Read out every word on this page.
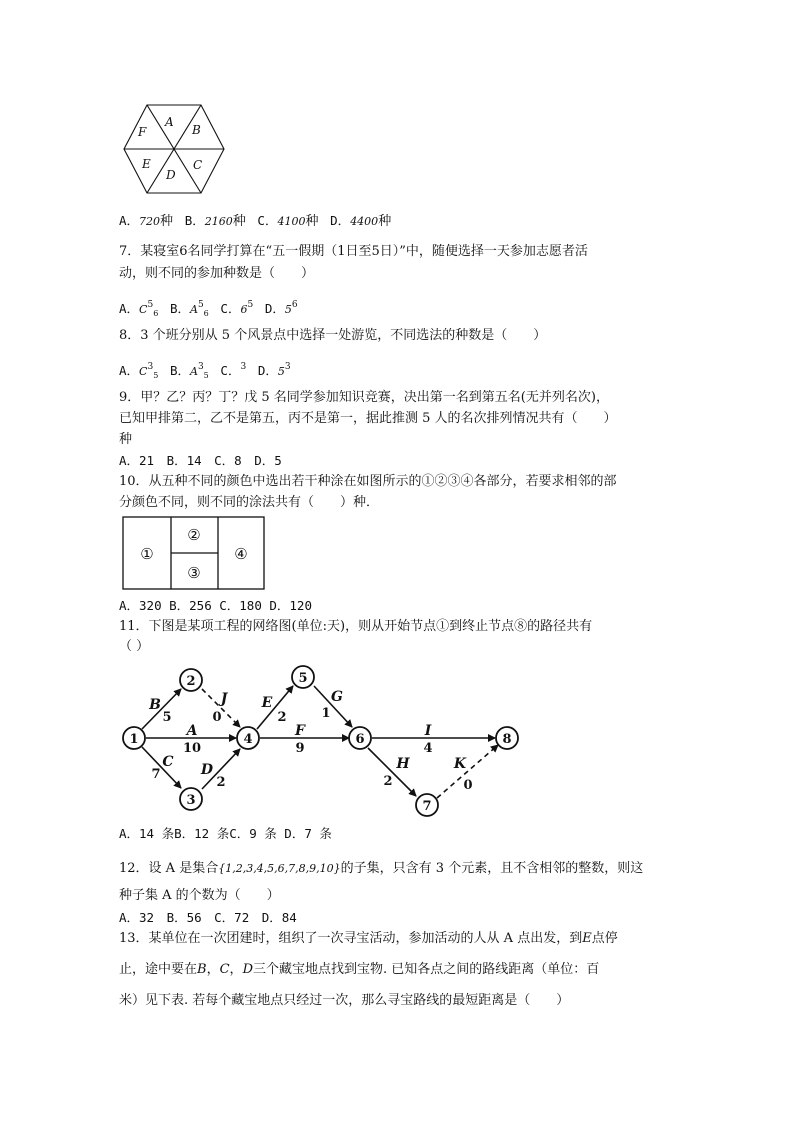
F
A
B
E
D
C
A．720种  B．2160种  C．4100种  D．4400种
7．某寝室6名同学打算在“五一假期（1日至5日）”中，随便选择一天参加志愿者活
动，则不同的参加种数是（　　）
A．$C^5_6$  B．$A^5_6$  C．$6^5$  D．$5^6$
8．3 个班分别从 5 个风景点中选择一处游览，不同选法的种数是（　　）
A．$C^3_5$  B．$A^3_5$  C．$^3$  D．$5^3$
9．甲？乙？丙？丁？戊 5 名同学参加知识竞赛，决出第一名到第五名(无并列名次)，
已知甲排第二，乙不是第五，丙不是第一，据此推测 5 人的名次排列情况共有（　　）
种
A．21　B．14　C．8　D．5
10．从五种不同的颜色中选出若干种涂在如图所示的①②③④各部分，若要求相邻的部
分颜色不同，则不同的涂法共有（　　）种．
①
②
③
④
A．320 B．256 C．180 D．120
11．下图是某项工程的网络图(单位:天)，则从开始节点①到终止节点⑧的路径共有
（ ）
1
2
3
4
5
6
7
8
B	J
A
C D
E	G
F	I
H	K
5	0
10
7
2
2	1
9	4
2	0
A．14 条B．12 条C．9 条 D．7 条
12．设 A 是集合{1,2,3,4,5,6,7,8,9,10}的子集，只含有 3 个元素，且不含相邻的整数，则这
种子集 A 的个数为（　　）
A．32　B．56　C．72　D．84
13．某单位在一次团建时，组织了一次寻宝活动，参加活动的人从 A 点出发，到E点停
止，途中要在B，C，D三个藏宝地点找到宝物. 已知各点之间的路线距离（单位：百
米）见下表. 若每个藏宝地点只经过一次，那么寻宝路线的最短距离是（　　）
